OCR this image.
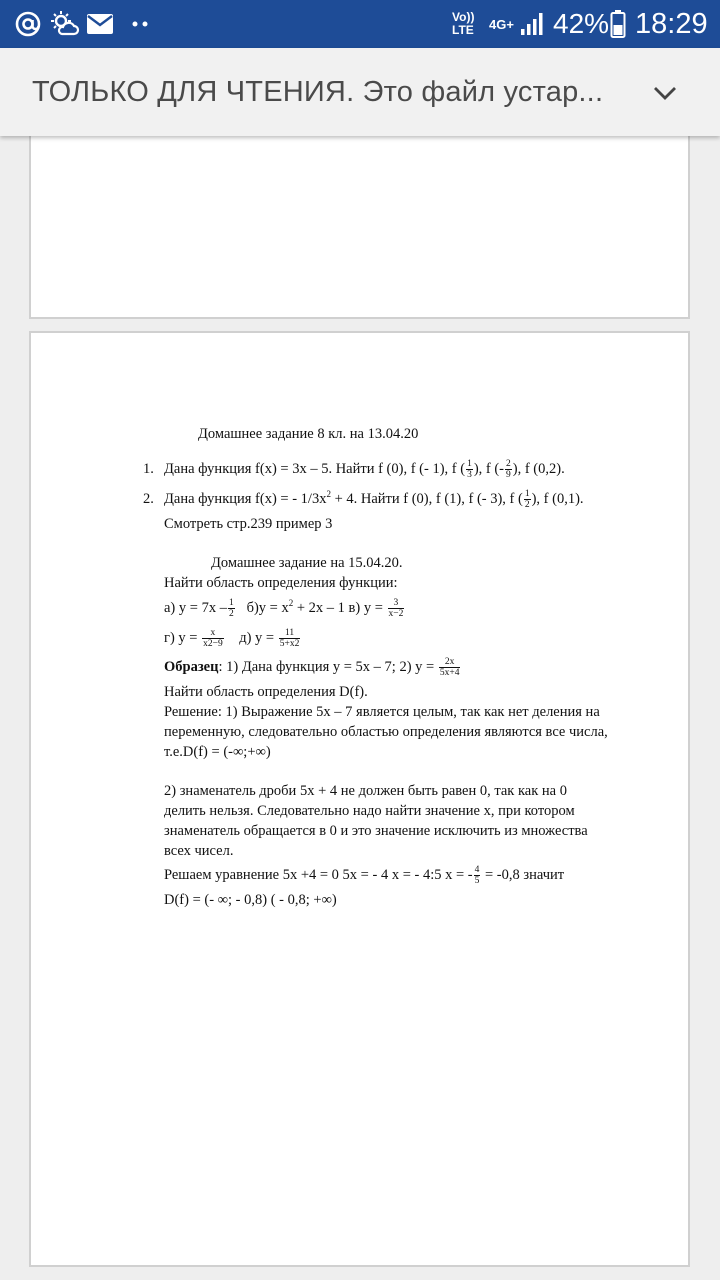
Vo)) LTE	4G+ 42% 18:29
ТОЛЬКО ДЛЯ ЧТЕНИЯ. Это файл устар...
Домашнее задание 8 кл. на 13.04.20
1. Дана функция f(x) = 3x – 5. Найти f (0), f (- 1), f ( $\frac{1}{3}$ ), f (- $\frac{2}{9}$ ), f (0,2).
2. Дана функция f(x) = - $1/3x^2 + 4$. Найти f (0), f (1), f (- 3), f ( $\frac{1}{2}$ ), f (0,1).
Смотреть стр.239 пример 3
Домашнее задание на 15.04.20.
Найти область определения функции:
а) $y = 7x - \frac{1}{2} б)y = x^2 + 2x - 1$ в) $y = \frac{3}{x-2}$
г) $y = \frac{x}{x2-9} д$) $y = \frac{11}{5+x2}$
Образец: 1) Дана функция y = 5x – 7; 2) $y = \frac{2x}{5x+4}$
Найти область определения D(f).
Решение: 1) Выражение 5х – 7 является целым, так как нет деления на
переменную, следовательно областью определения являются все числа,
т.е.D(f) = (-∞;+∞)
2) знаменатель дроби 5х + 4 не должен быть равен 0, так как на 0
делить нельзя. Следовательно надо найти значение х, при котором
знаменатель обращается в 0 и это значение исключить из множества
всех чисел.
Решаем уравнение 5х +4 = 0 5х = - 4 х = - 4:5 х = - $\frac{4}{5} = -0,8$ значит
D(f) = (- ∞; - 0,8) ( - 0,8; +∞)
